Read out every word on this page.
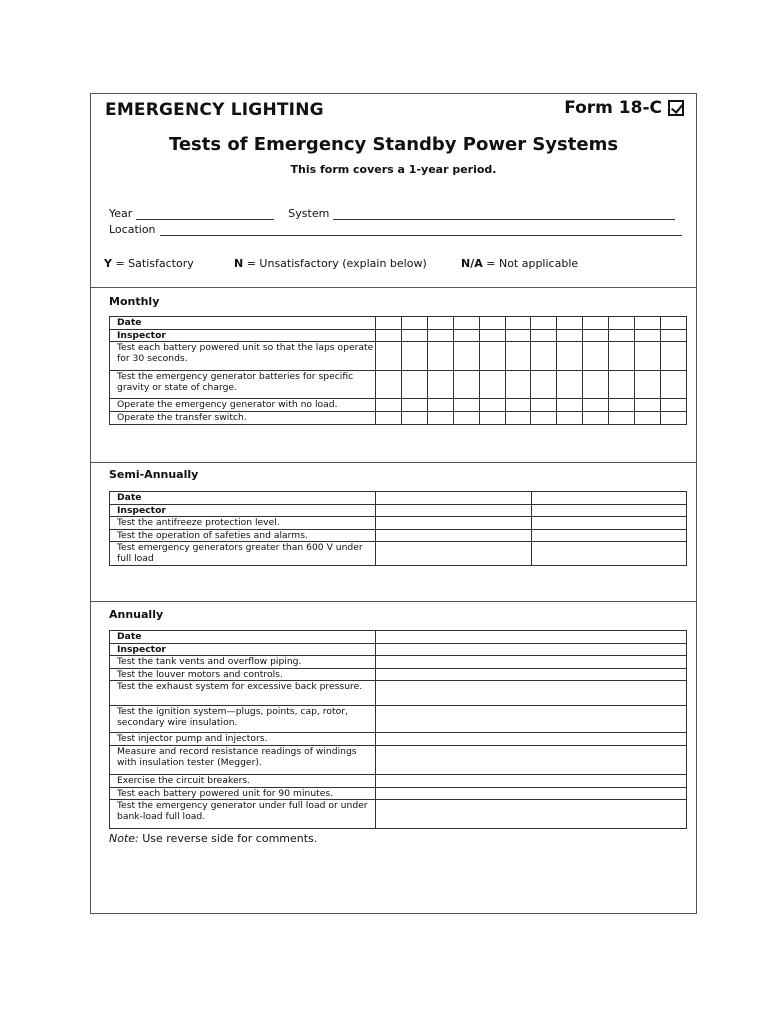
EMERGENCY LIGHTING	Form 18-C
Tests of Emergency Standby Power Systems
This form covers a 1-year period.
Year	System
Location
Y = Satisfactory	N = Unsatisfactory (explain below)	N/A = Not applicable
Monthly
Date												
Inspector												
Test each battery powered unit so that the laps operate for 30 seconds.												
Test the emergency generator batteries for specific gravity or state of charge.												
Operate the emergency generator with no load.												
Operate the transfer switch.												
Semi-Annually
Date		
Inspector		
Test the antifreeze protection level.		
Test the operation of safeties and alarms.		
Test emergency generators greater than 600 V under full load		
Annually
Date	
Inspector	
Test the tank vents and overflow piping.	
Test the louver motors and controls.	
Test the exhaust system for excessive back pressure.	
Test the ignition system—plugs, points, cap, rotor, secondary wire insulation.	
Test injector pump and injectors.	
Measure and record resistance readings of windings with insulation tester (Megger).	
Exercise the circuit breakers.	
Test each battery powered unit for 90 minutes.	
Test the emergency generator under full load or under bank-load full load.	
Note: Use reverse side for comments.
